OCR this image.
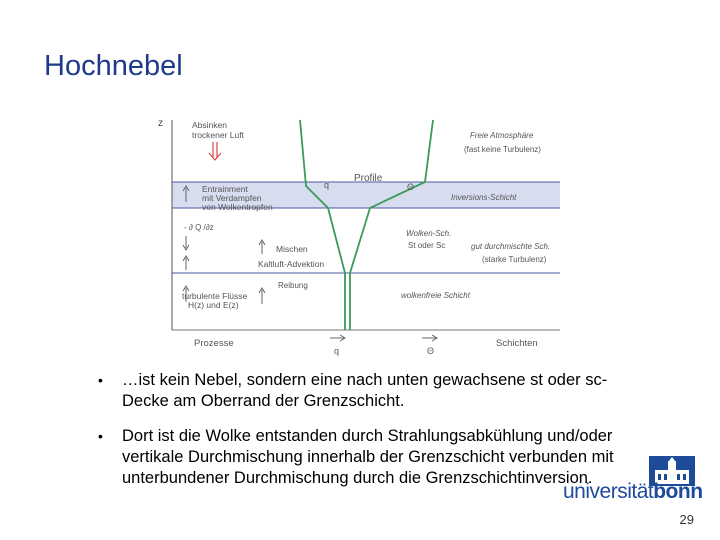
Hochnebel
z	Absinken
trockener Luft	Freie Atmosphäre
(fast keine Turbulenz)
Profile
q	Θ
Entrainment
mit Verdampfen
von Wolkentropfen
Inversions-Schicht
- ∂ Q /∂z
Wolken-Sch.
St oder Sc	gut durchmischte Sch.
(starke Turbulenz)
Mischen
Kaltluft-Advektion
Reibung
turbulente Flüsse
H(z) und E(z)
wolkenfreie Schicht
Prozesse
q	Θ
Schichten
• …ist kein Nebel, sondern eine nach unten gewachsene st oder sc-Decke am Oberrand der Grenzschicht.
• Dort ist die Wolke entstanden durch Strahlungsabkühlung und/oder vertikale Durchmischung innerhalb der Grenzschicht verbunden mit unterbundener Durchmischung durch die Grenzschichtinversion.
universitätbonn
29
